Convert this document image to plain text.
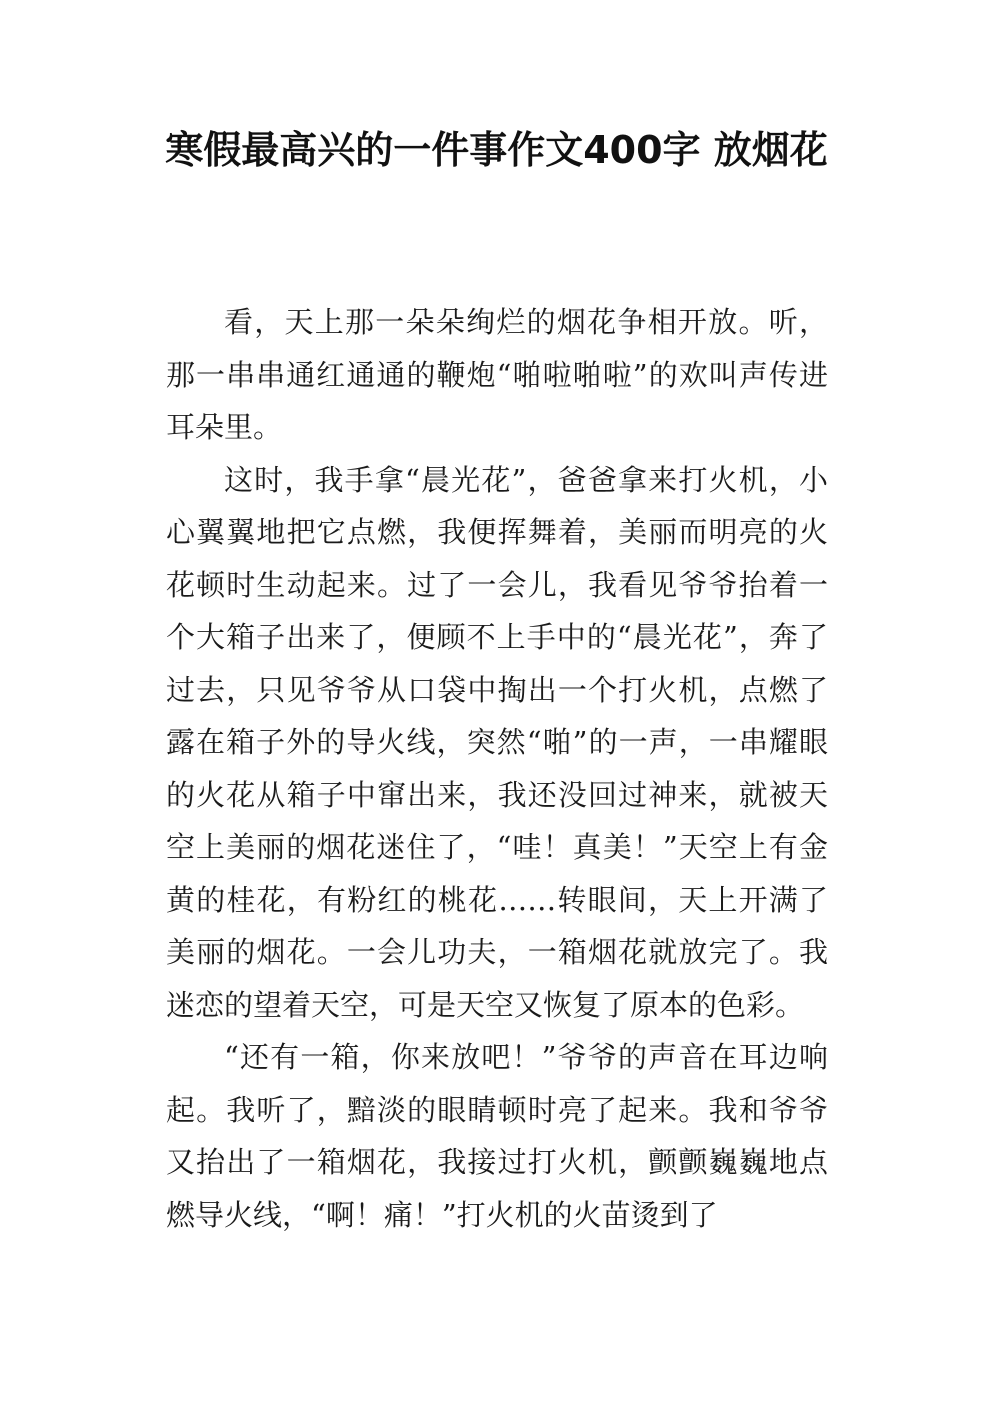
寒假最高兴的一件事作文400字 放烟花

看，天上那一朵朵绚烂的烟花争相开放。听，那一串串通红通通的鞭炮“啪啦啪啦”的欢叫声传进耳朵里。

这时，我手拿“晨光花”，爸爸拿来打火机，小心翼翼地把它点燃，我便挥舞着，美丽而明亮的火花顿时生动起来。过了一会儿，我看见爷爷抬着一个大箱子出来了，便顾不上手中的“晨光花”，奔了过去，只见爷爷从口袋中掏出一个打火机，点燃了露在箱子外的导火线，突然“啪”的一声，一串耀眼的火花从箱子中窜出来，我还没回过神来，就被天空上美丽的烟花迷住了，“哇！真美！”天空上有金黄的桂花，有粉红的桃花……转眼间，天上开满了美丽的烟花。一会儿功夫，一箱烟花就放完了。我迷恋的望着天空，可是天空又恢复了原本的色彩。

“还有一箱，你来放吧！”爷爷的声音在耳边响起。我听了，黯淡的眼睛顿时亮了起来。我和爷爷又抬出了一箱烟花，我接过打火机，颤颤巍巍地点燃导火线，“啊！痛！”打火机的火苗烫到了
